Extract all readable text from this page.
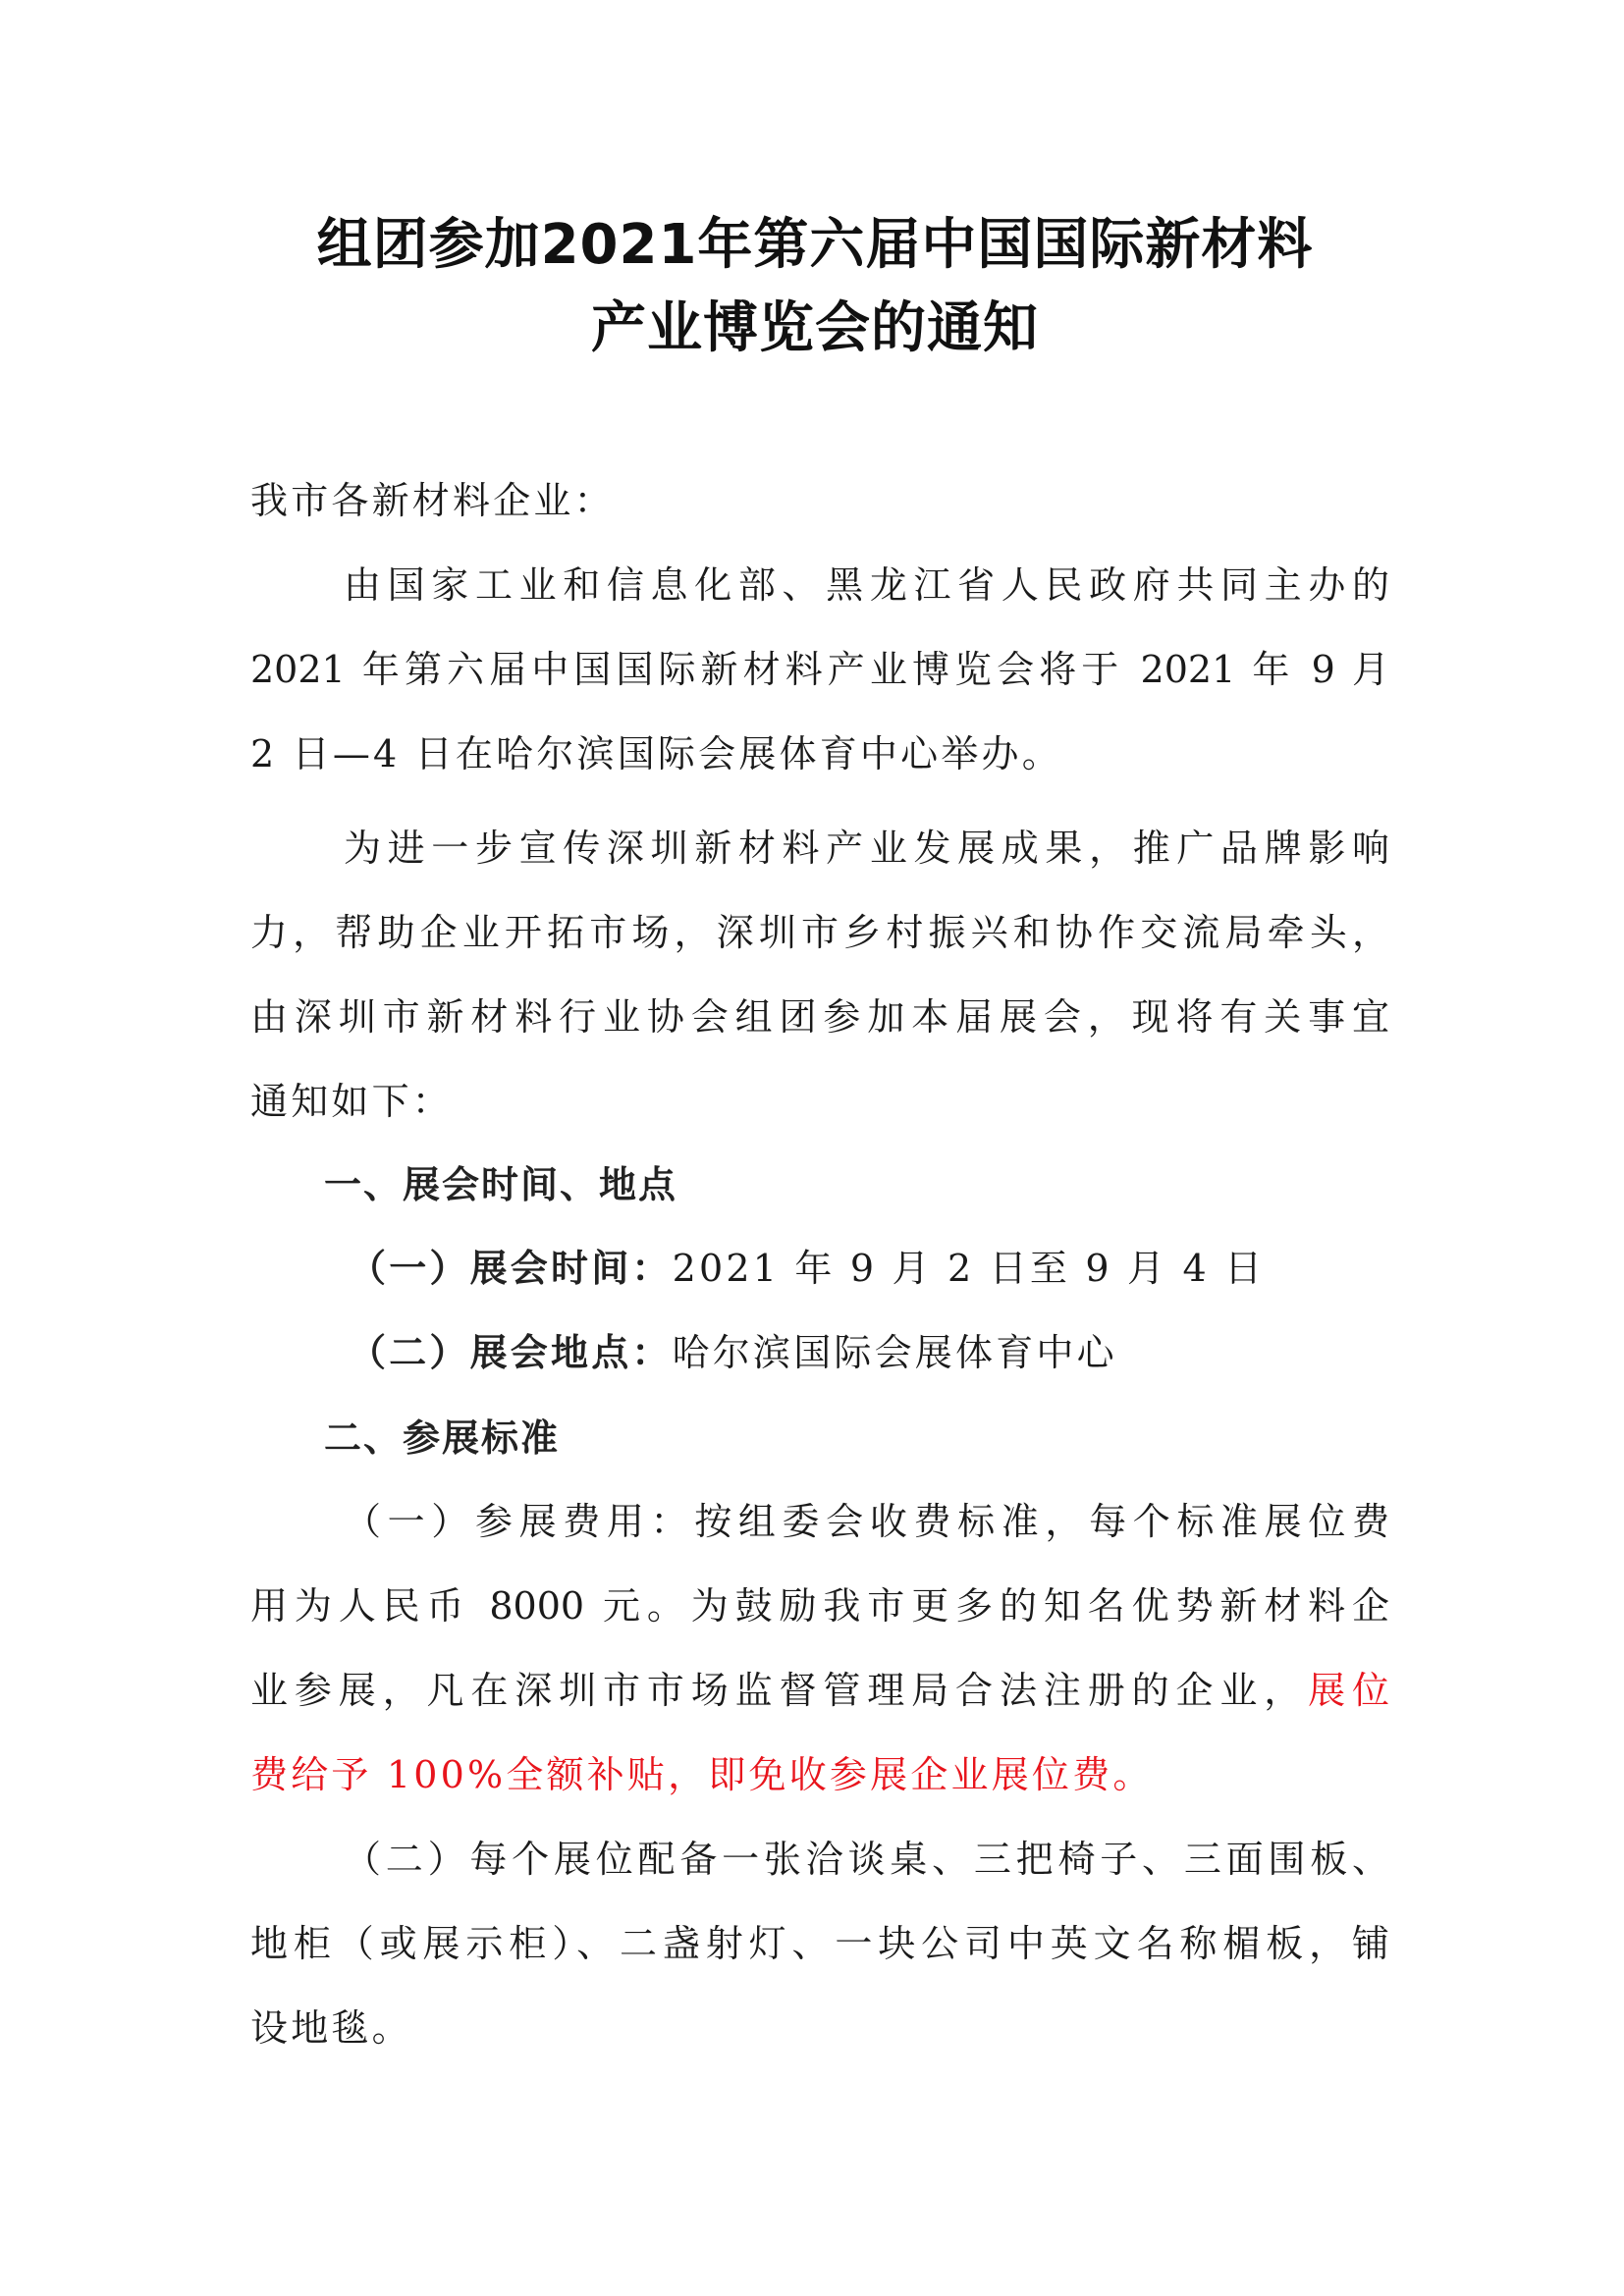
组团参加2021年第六届中国国际新材料
产业博览会的通知
我市各新材料企业：
由国家工业和信息化部、黑龙江省人民政府共同主办的
2021 年第六届中国国际新材料产业博览会将于 2021 年 9 月
2 日—4 日在哈尔滨国际会展体育中心举办。
为进一步宣传深圳新材料产业发展成果，推广品牌影响
力，帮助企业开拓市场，深圳市乡村振兴和协作交流局牵头，
由深圳市新材料行业协会组团参加本届展会，现将有关事宜
通知如下：
一、展会时间、地点
（一）展会时间：2021 年 9 月 2 日至 9 月 4 日
（二）展会地点：哈尔滨国际会展体育中心
二、参展标准
（一）参展费用：按组委会收费标准，每个标准展位费
用为人民币 8000 元。为鼓励我市更多的知名优势新材料企
业参展，凡在深圳市市场监督管理局合法注册的企业，展位
费给予 100%全额补贴，即免收参展企业展位费。
（二）每个展位配备一张洽谈桌、三把椅子、三面围板、
地柜（或展示柜）、二盏射灯、一块公司中英文名称楣板，铺
设地毯。
